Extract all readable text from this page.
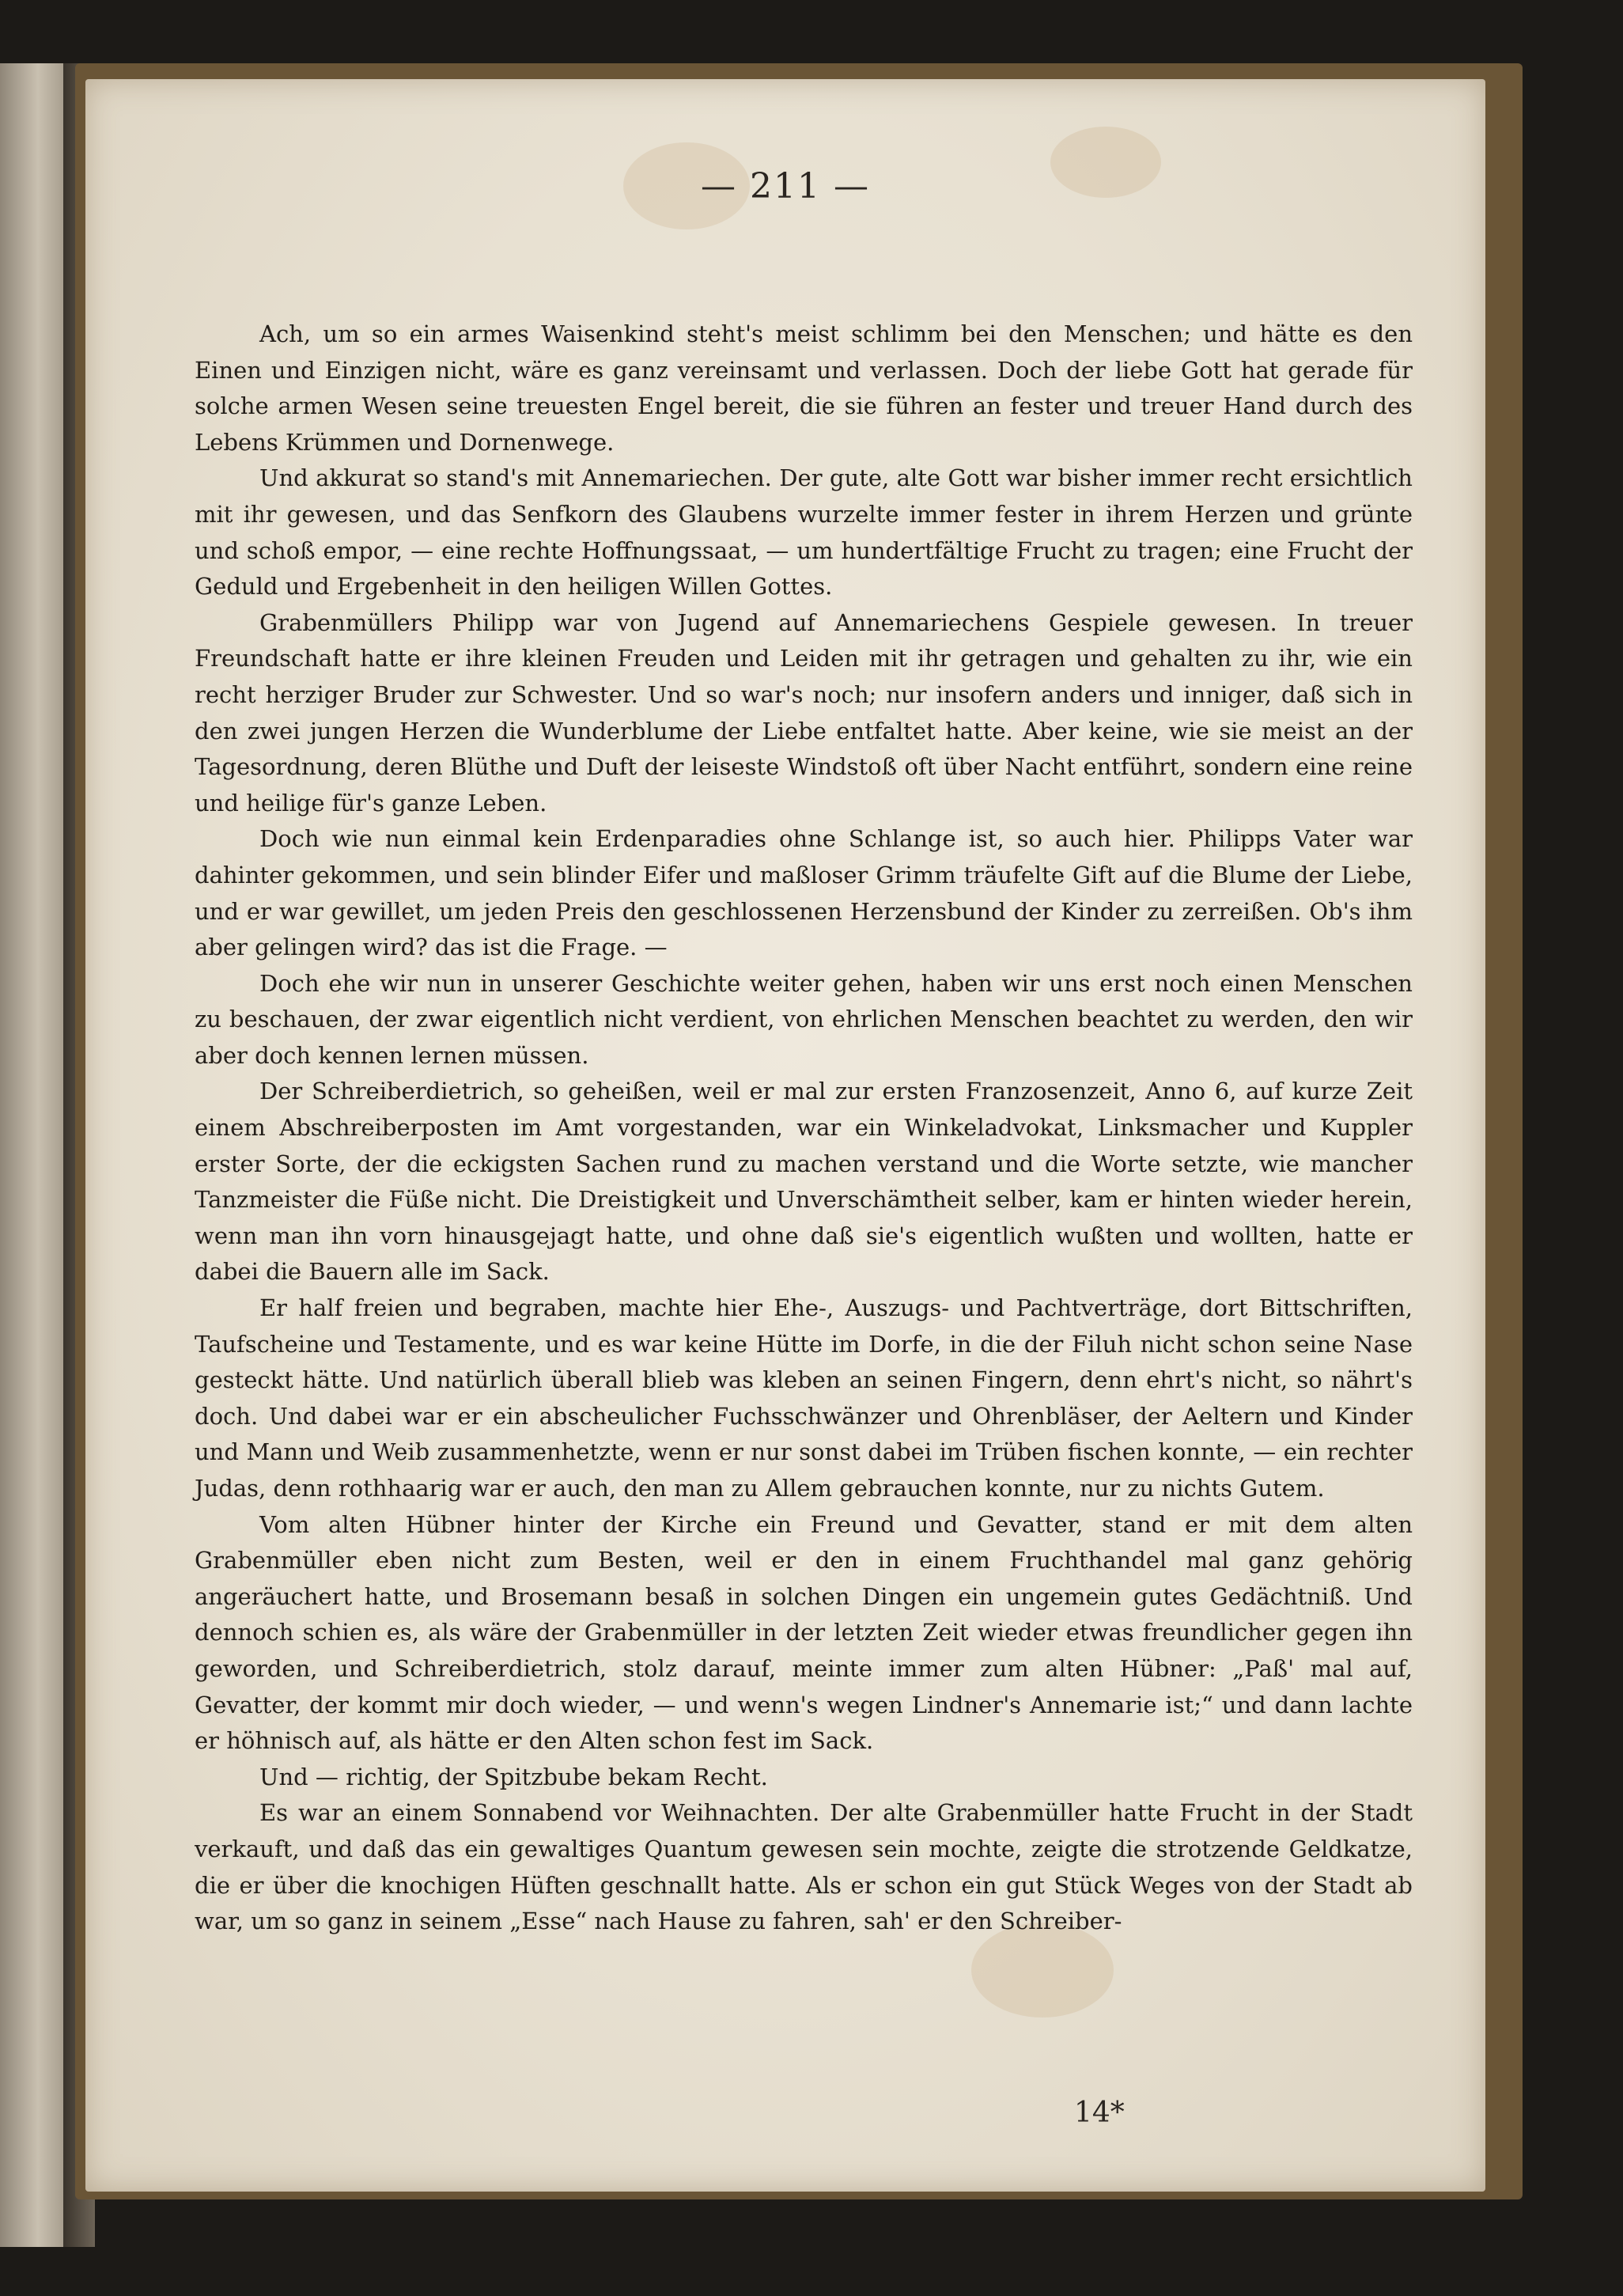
— 211 —

Ach, um so ein armes Waisenkind steht's meist schlimm bei den Menschen; und hätte es den Einen und Einzigen nicht, wäre es ganz vereinsamt und verlassen. Doch der liebe Gott hat gerade für solche armen Wesen seine treuesten Engel bereit, die sie führen an fester und treuer Hand durch des Lebens Krümmen und Dornenwege.

Und akkurat so stand's mit Annemariechen. Der gute, alte Gott war bisher immer recht ersichtlich mit ihr gewesen, und das Senfkorn des Glaubens wurzelte immer fester in ihrem Herzen und grünte und schoß empor, — eine rechte Hoffnungssaat, — um hundertfältige Frucht zu tragen; eine Frucht der Geduld und Ergebenheit in den heiligen Willen Gottes.

Grabenmüllers Philipp war von Jugend auf Annemariechens Gespiele gewesen. In treuer Freundschaft hatte er ihre kleinen Freuden und Leiden mit ihr getragen und gehalten zu ihr, wie ein recht herziger Bruder zur Schwester. Und so war's noch; nur insofern anders und inniger, daß sich in den zwei jungen Herzen die Wunderblume der Liebe entfaltet hatte. Aber keine, wie sie meist an der Tagesordnung, deren Blüthe und Duft der leiseste Windstoß oft über Nacht entführt, sondern eine reine und heilige für's ganze Leben.

Doch wie nun einmal kein Erdenparadies ohne Schlange ist, so auch hier. Philipps Vater war dahinter gekommen, und sein blinder Eifer und maßloser Grimm träufelte Gift auf die Blume der Liebe, und er war gewillet, um jeden Preis den geschlossenen Herzensbund der Kinder zu zerreißen. Ob's ihm aber gelingen wird? das ist die Frage. —

Doch ehe wir nun in unserer Geschichte weiter gehen, haben wir uns erst noch einen Menschen zu beschauen, der zwar eigentlich nicht verdient, von ehrlichen Menschen beachtet zu werden, den wir aber doch kennen lernen müssen.

Der Schreiberdietrich, so geheißen, weil er mal zur ersten Franzosenzeit, Anno 6, auf kurze Zeit einem Abschreiberposten im Amt vorgestanden, war ein Winkeladvokat, Linksmacher und Kuppler erster Sorte, der die eckigsten Sachen rund zu machen verstand und die Worte setzte, wie mancher Tanzmeister die Füße nicht. Die Dreistigkeit und Unverschämtheit selber, kam er hinten wieder herein, wenn man ihn vorn hinausgejagt hatte, und ohne daß sie's eigentlich wußten und wollten, hatte er dabei die Bauern alle im Sack.

Er half freien und begraben, machte hier Ehe-, Auszugs- und Pachtverträge, dort Bittschriften, Taufscheine und Testamente, und es war keine Hütte im Dorfe, in die der Filuh nicht schon seine Nase gesteckt hätte. Und natürlich überall blieb was kleben an seinen Fingern, denn ehrt's nicht, so nährt's doch. Und dabei war er ein abscheulicher Fuchsschwänzer und Ohrenbläser, der Aeltern und Kinder und Mann und Weib zusammenhetzte, wenn er nur sonst dabei im Trüben fischen konnte, — ein rechter Judas, denn rothhaarig war er auch, den man zu Allem gebrauchen konnte, nur zu nichts Gutem.

Vom alten Hübner hinter der Kirche ein Freund und Gevatter, stand er mit dem alten Grabenmüller eben nicht zum Besten, weil er den in einem Fruchthandel mal ganz gehörig angeräuchert hatte, und Brosemann besaß in solchen Dingen ein ungemein gutes Gedächtniß. Und dennoch schien es, als wäre der Grabenmüller in der letzten Zeit wieder etwas freundlicher gegen ihn geworden, und Schreiberdietrich, stolz darauf, meinte immer zum alten Hübner: „Paß' mal auf, Gevatter, der kommt mir doch wieder, — und wenn's wegen Lindner's Annemarie ist;“ und dann lachte er höhnisch auf, als hätte er den Alten schon fest im Sack.

Und — richtig, der Spitzbube bekam Recht.

Es war an einem Sonnabend vor Weihnachten. Der alte Grabenmüller hatte Frucht in der Stadt verkauft, und daß das ein gewaltiges Quantum gewesen sein mochte, zeigte die strotzende Geldkatze, die er über die knochigen Hüften geschnallt hatte. Als er schon ein gut Stück Weges von der Stadt ab war, um so ganz in seinem „Esse“ nach Hause zu fahren, sah' er den Schreiber-

14*
